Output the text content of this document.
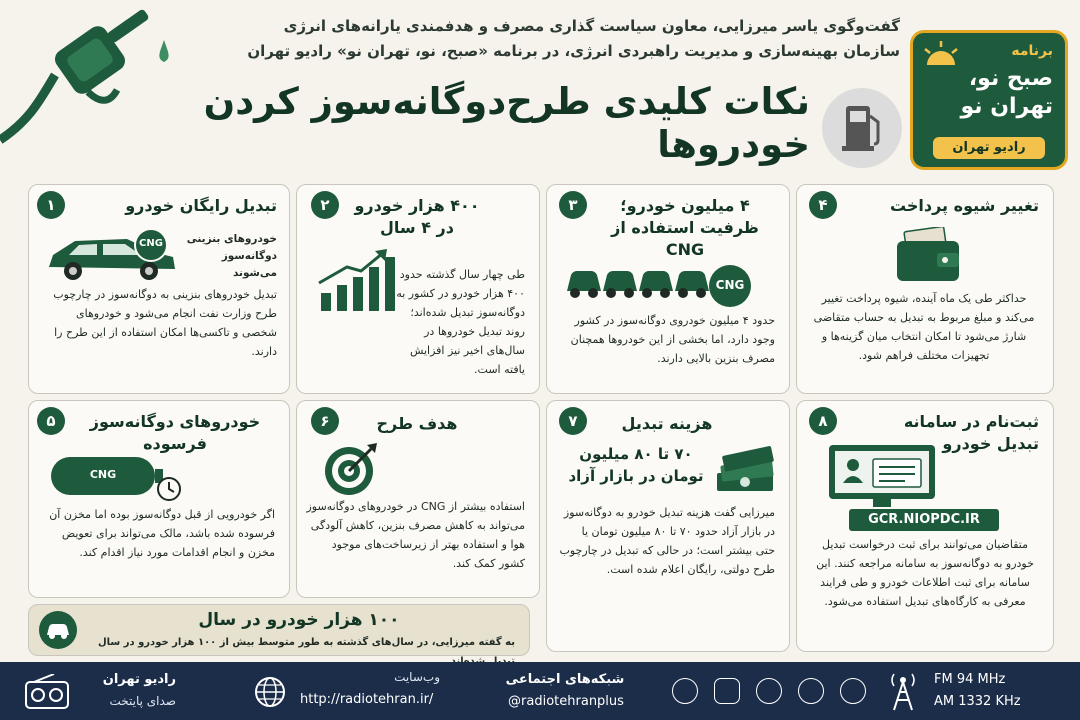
گفت‌وگوی یاسر میرزایی، معاون سیاست گذاری مصرف و هدفمندی یارانه‌های انرژی
سازمان بهینه‌سازی و مدیریت راهبردی انرژی، در برنامه «صبح، نو، تهران نو» رادیو تهران
نکات کلیدی طرح‌دوگانه‌سوز کردن خودروها
برنامه
صبح نو، تهران نو
رادیو تهران
۱	تبدیل رایگان خودرو
CNG خودروهای بنزینی دوگانه‌سوز می‌شوند
تبدیل خودروهای بنزینی به دوگانه‌سوز در چارچوب طرح وزارت نفت انجام می‌شود و خودروهای شخصی و تاکسی‌ها امکان استفاده از این طرح را دارند.
۲	۴۰۰ هزار خودرو در ۴ سال
طی چهار سال گذشته حدود ۴۰۰ هزار خودرو در کشور به دوگانه‌سوز تبدیل شده‌اند؛ روند تبدیل خودروها در سال‌های اخیر نیز افزایش یافته است.
۳	۴ میلیون خودرو؛ ظرفیت استفاده از CNG
CNG
حدود ۴ میلیون خودروی دوگانه‌سوز در کشور وجود دارد، اما بخشی از این خودروها همچنان مصرف بنزین بالایی دارند.
۴	تغییر شیوه پرداخت
حداکثر طی یک ماه آینده، شیوه پرداخت تغییر می‌کند و مبلغ مربوط به تبدیل به حساب متقاضی شارژ می‌شود تا امکان انتخاب میان گزینه‌ها و تجهیزات مختلف فراهم شود.
۵	خودروهای دوگانه‌سوز فرسوده
CNG
اگر خودرویی از قبل دوگانه‌سوز بوده اما مخزن آن فرسوده شده باشد، مالک می‌تواند برای تعویض مخزن و انجام اقدامات مورد نیاز اقدام کند.
۶	هدف طرح
استفاده بیشتر از CNG در خودروهای دوگانه‌سوز می‌تواند به کاهش مصرف بنزین، کاهش آلودگی هوا و استفاده بهتر از زیرساخت‌های موجود کشور کمک کند.
۷	هزینه تبدیل
۷۰ تا ۸۰ میلیون تومان در بازار آزاد
میرزایی گفت هزینه تبدیل خودرو به دوگانه‌سوز در بازار آزاد حدود ۷۰ تا ۸۰ میلیون تومان یا حتی بیشتر است؛ در حالی که تبدیل در چارچوب طرح دولتی، رایگان اعلام شده است.
۸	ثبت‌نام در سامانه تبدیل خودرو
GCR.NIOPDC.IR
متقاضیان می‌توانند برای ثبت درخواست تبدیل خودرو به دوگانه‌سوز به سامانه مراجعه کنند. این سامانه برای ثبت اطلاعات خودرو و طی فرایند معرفی به کارگاه‌های تبدیل استفاده می‌شود.
۱۰۰ هزار خودرو در سال
به گفته میرزایی، در سال‌های گذشته به طور متوسط بیش از ۱۰۰ هزار خودرو در سال
رادیو تهران
صدای پایتخت
وب‌سایت
http://radiotehran.ir/
شبکه‌های اجتماعی
@radiotehranplus
FM 94 MHz
AM 1332 KHz
